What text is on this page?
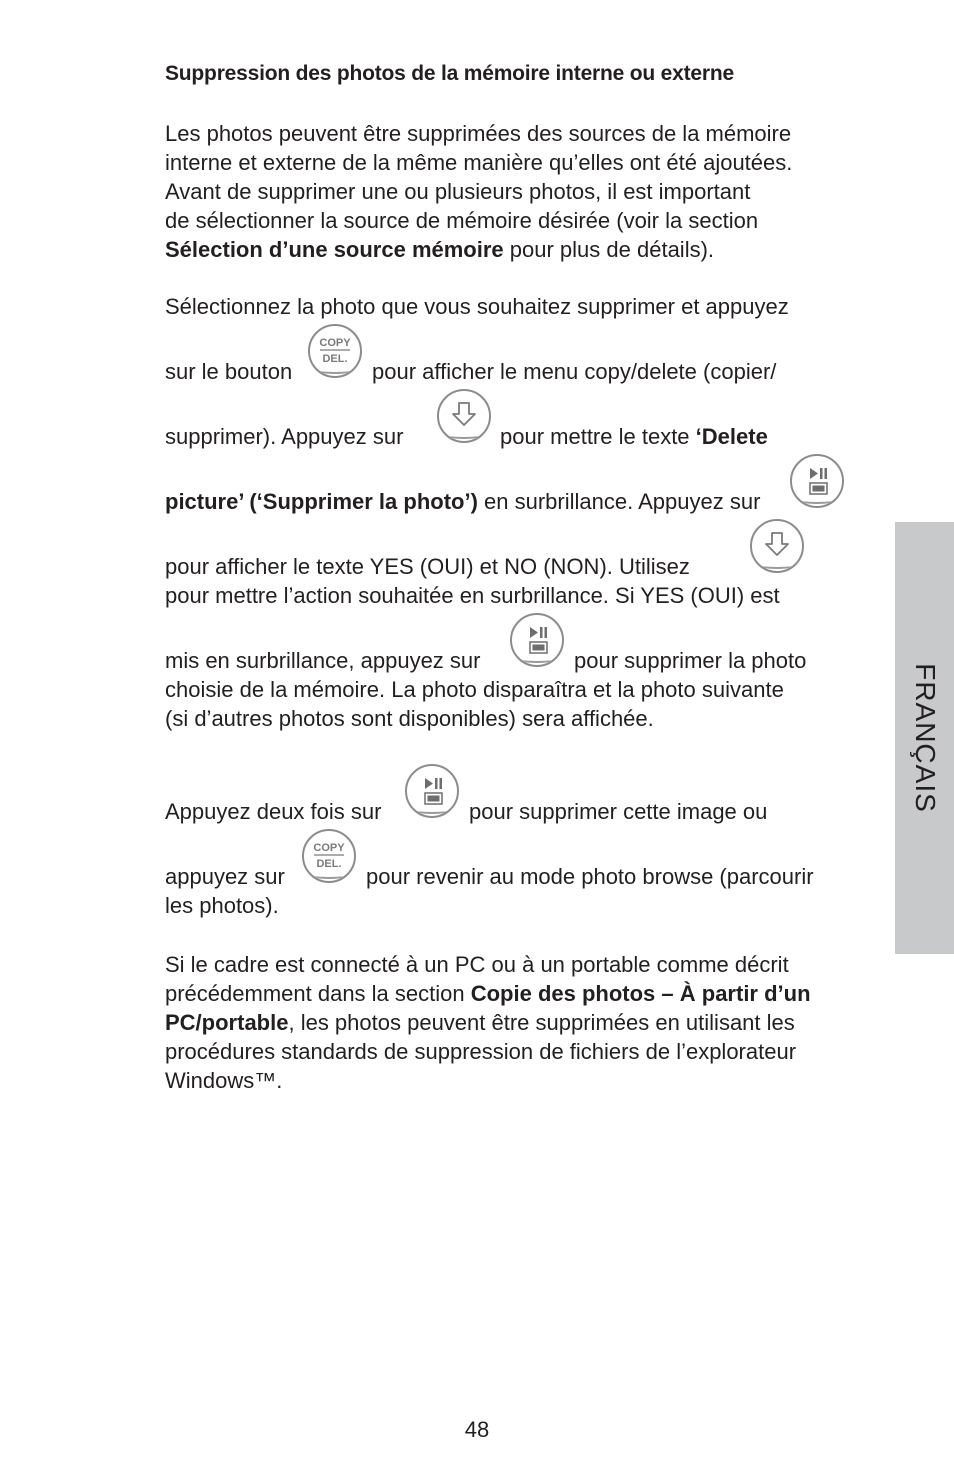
Suppression des photos de la mémoire interne ou externe
Les photos peuvent être supprimées des sources de la mémoire
interne et externe de la même manière qu’elles ont été ajoutées.
Avant de supprimer une ou plusieurs photos, il est important
de sélectionner la source de mémoire désirée (voir la section
Sélection d’une source mémoire pour plus de détails).
Sélectionnez la photo que vous souhaitez supprimer et appuyez
sur le bouton
COPY
DEL. pour afficher le menu copy/delete (copier/
supprimer). Appuyez sur	pour mettre le texte ‘Delete
picture’ (‘Supprimer la photo’) en surbrillance. Appuyez sur
pour afficher le texte YES (OUI) et NO (NON). Utilisez
pour mettre l’action souhaitée en surbrillance. Si YES (OUI) est
mis en surbrillance, appuyez sur	pour supprimer la photo
choisie de la mémoire. La photo disparaîtra et la photo suivante
(si d’autres photos sont disponibles) sera affichée.
Appuyez deux fois sur	pour supprimer cette image ou
appuyez sur
COPY
DEL. pour revenir au mode photo browse (parcourir
les photos).
Si le cadre est connecté à un PC ou à un portable comme décrit
précédemment dans la section Copie des photos – À partir d’un
PC/portable, les photos peuvent être supprimées en utilisant les
procédures standards de suppression de fichiers de l’explorateur
Windows™.
FRANÇAIS
48
